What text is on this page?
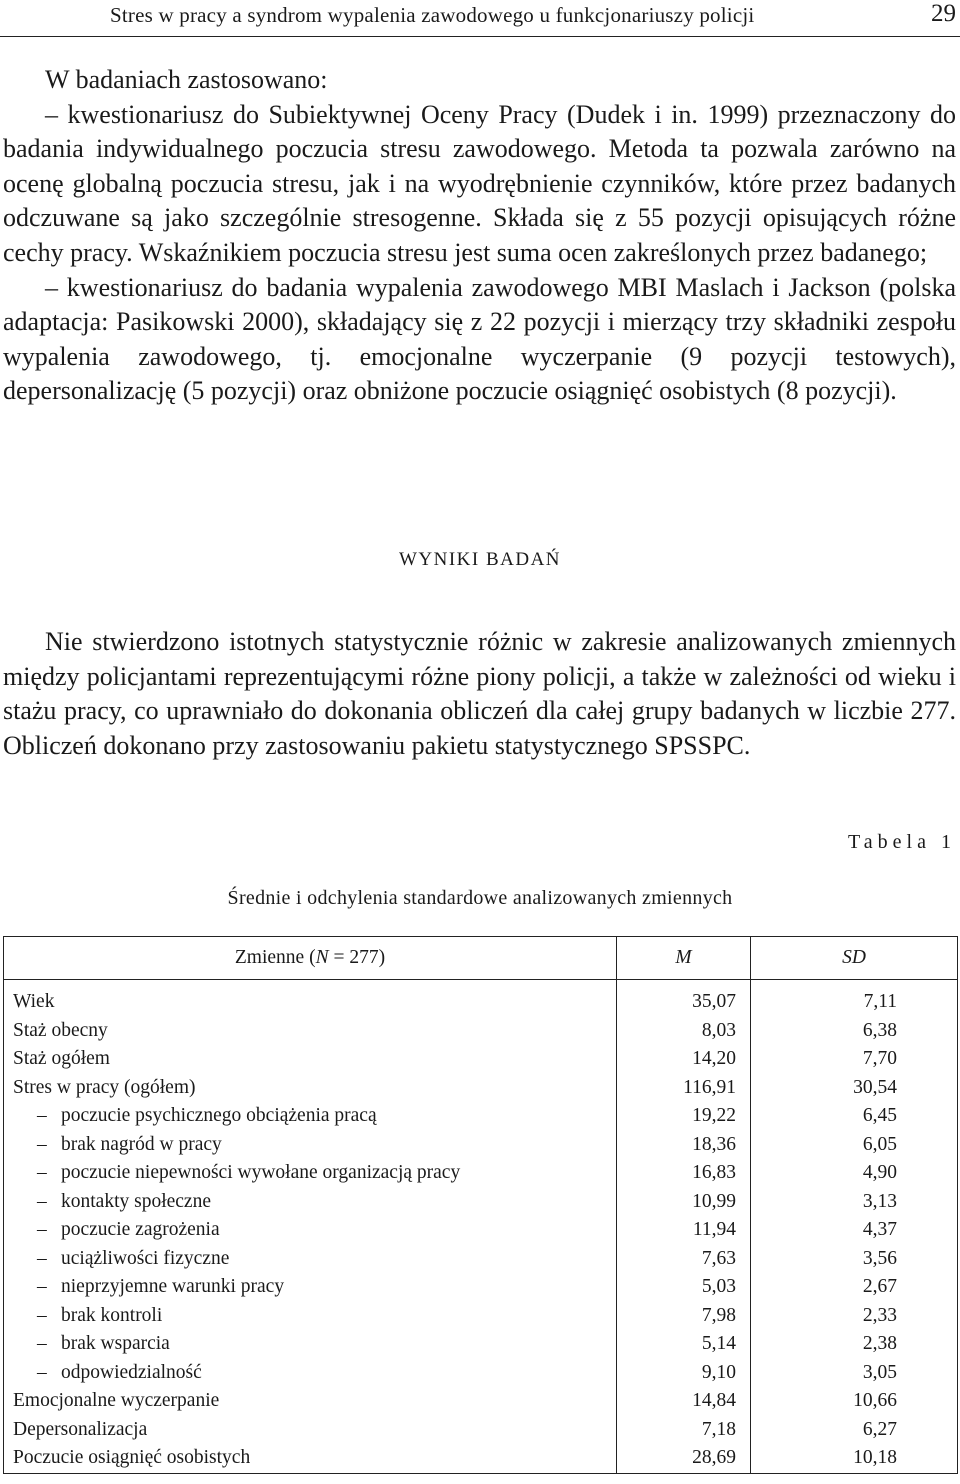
Stres w pracy a syndrom wypalenia zawodowego u funkcjonariuszy policji	29

W badaniach zastosowano:

– kwestionariusz do Subiektywnej Oceny Pracy (Dudek i in. 1999) przeznaczony do badania indywidualnego poczucia stresu zawodowego. Metoda ta pozwala zarówno na ocenę globalną poczucia stresu, jak i na wyodrębnienie czynników, które przez badanych odczuwane są jako szczególnie stresogenne. Składa się z 55 pozycji opisujących różne cechy pracy. Wskaźnikiem poczucia stresu jest suma ocen zakreślonych przez badanego;

– kwestionariusz do badania wypalenia zawodowego MBI Maslach i Jackson (polska adaptacja: Pasikowski 2000), składający się z 22 pozycji i mierzący trzy składniki zespołu wypalenia zawodowego, tj. emocjonalne wyczerpanie (9 pozycji testowych), depersonalizację (5 pozycji) oraz obniżone poczucie osiągnięć osobistych (8 pozycji).

WYNIKI BADAŃ

Nie stwierdzono istotnych statystycznie różnic w zakresie analizowanych zmiennych między policjantami reprezentującymi różne piony policji, a także w zależności od wieku i stażu pracy, co uprawniało do dokonania obliczeń dla całej grupy badanych w liczbie 277. Obliczeń dokonano przy zastosowaniu pakietu statystycznego SPSSPC.

Tabela 1
Średnie i odchylenia standardowe analizowanych zmiennych
Zmienne (N = 277)	M	SD
Wiek	35,07	7,11
Staż obecny	8,03	6,38
Staż ogółem	14,20	7,70
Stres w pracy (ogółem)	116,91	30,54
– poczucie psychicznego obciążenia pracą	19,22	6,45
– brak nagród w pracy	18,36	6,05
– poczucie niepewności wywołane organizacją pracy	16,83	4,90
– kontakty społeczne	10,99	3,13
– poczucie zagrożenia	11,94	4,37
– uciążliwości fizyczne	7,63	3,56
– nieprzyjemne warunki pracy	5,03	2,67
– brak kontroli	7,98	2,33
– brak wsparcia	5,14	2,38
– odpowiedzialność	9,10	3,05
Emocjonalne wyczerpanie	14,84	10,66
Depersonalizacja	7,18	6,27
Poczucie osiągnięć osobistych	28,69	10,18
